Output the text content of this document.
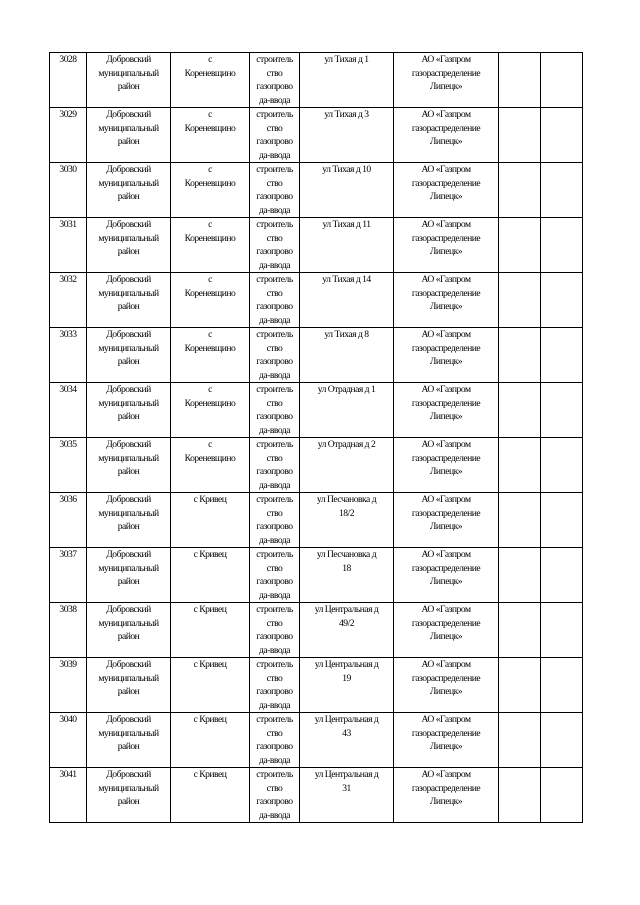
3028	Добровский
муниципальный
район	с
Кореневщино	строитель
ство
газопрово
да-ввода	ул Тихая д 1	АО «Газпром
газораспределение
Липецк»		

3029	Добровский
муниципальный
район	с
Кореневщино	строитель
ство
газопрово
да-ввода	ул Тихая д 3	АО «Газпром
газораспределение
Липецк»		

3030	Добровский
муниципальный
район	с
Кореневщино	строитель
ство
газопрово
да-ввода	ул Тихая д 10	АО «Газпром
газораспределение
Липецк»		

3031	Добровский
муниципальный
район	с
Кореневщино	строитель
ство
газопрово
да-ввода	ул Тихая д 11	АО «Газпром
газораспределение
Липецк»		

3032	Добровский
муниципальный
район	с
Кореневщино	строитель
ство
газопрово
да-ввода	ул Тихая д 14	АО «Газпром
газораспределение
Липецк»		

3033	Добровский
муниципальный
район	с
Кореневщино	строитель
ство
газопрово
да-ввода	ул Тихая д 8	АО «Газпром
газораспределение
Липецк»		

3034	Добровский
муниципальный
район	с
Кореневщино	строитель
ство
газопрово
да-ввода	ул Отрадная д 1	АО «Газпром
газораспределение
Липецк»		

3035	Добровский
муниципальный
район	с
Кореневщино	строитель
ство
газопрово
да-ввода	ул Отрадная д 2	АО «Газпром
газораспределение
Липецк»		

3036	Добровский
муниципальный
район	с Кривец	строитель
ство
газопрово
да-ввода	ул Песчановка д
18/2	АО «Газпром
газораспределение
Липецк»		

3037	Добровский
муниципальный
район	с Кривец	строитель
ство
газопрово
да-ввода	ул Песчановка д
18	АО «Газпром
газораспределение
Липецк»		

3038	Добровский
муниципальный
район	с Кривец	строитель
ство
газопрово
да-ввода	ул Центральная д
49/2	АО «Газпром
газораспределение
Липецк»		

3039	Добровский
муниципальный
район	с Кривец	строитель
ство
газопрово
да-ввода	ул Центральная д
19	АО «Газпром
газораспределение
Липецк»		

3040	Добровский
муниципальный
район	с Кривец	строитель
ство
газопрово
да-ввода	ул Центральная д
43	АО «Газпром
газораспределение
Липецк»		

3041	Добровский
муниципальный
район	с Кривец	строитель
ство
газопрово
да-ввода	ул Центральная д
31	АО «Газпром
газораспределение
Липецк»		
